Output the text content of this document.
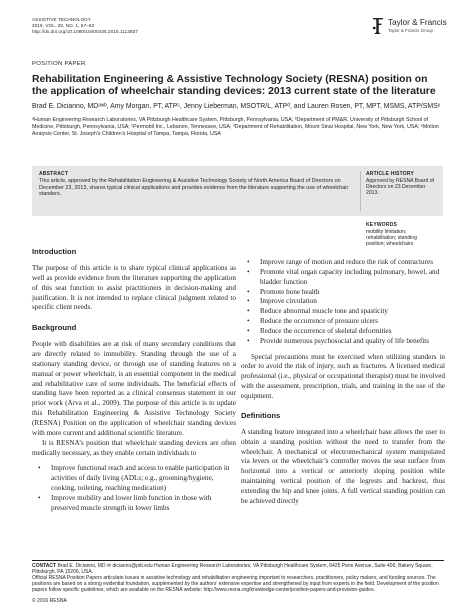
ASSISTIVE TECHNOLOGY
2016, VOL. 28, NO. 1, 57–62
http://dx.doi.org/10.1080/10400435.2015.1113837
Taylor & Francis
Taylor & Francis Group
POSITION PAPER
Rehabilitation Engineering & Assistive Technology Society (RESNA) position on the application of wheelchair standing devices: 2013 current state of the literature
Brad E. Dicianno, MDᵃʷᵇ, Amy Morgan, PT, ATPᶜ, Jenny Lieberman, MSOTR/L, ATPᵈ, and Lauren Rosen, PT, MPT, MSMS, ATP/SMSᵉ
ᵃHuman Engineering Research Laboratories, VA Pittsburgh Healthcare System, Pittsburgh, Pennsylvania, USA; ᵇDepartment of PM&R, University of Pittsburgh School of Medicine, Pittsburgh, Pennsylvania, USA; ᶜPermobil Inc., Lebanon, Tennessee, USA; ᵈDepartment of Rehabilitation, Mount Sinai Hospital, New York, New York, USA; ᵉMotion Analysis Center, St. Joseph’s Children’s Hospital of Tampa, Tampa, Florida, USA
ABSTRACT
This article, approved by the Rehabilitation Engineering & Assistive Technology Society of North America Board of Directors on December 23, 2013, shares typical clinical applications and provides evidence from the literature supporting the use of wheelchair standers.
ARTICLE HISTORY
Approved by RESNA Board of Directors on 23 December 2013.
KEYWORDS
mobility limitation;
rehabilitation; standing
position; wheelchairs
Introduction

The purpose of this article is to share typical clinical applications as well as provide evidence from the literature supporting the application of this seat function to assist practitioners in decision-making and justification. It is not intended to replace clinical judgment related to specific client needs.

Background

People with disabilities are at risk of many secondary conditions that are directly related to immobility. Standing through the use of a stationary standing device, or through use of standing features on a manual or power wheelchair, is an essential component in the medical and rehabilitative care of some individuals. The beneficial effects of standing have been reported as a clinical consensus statement in our prior work (Arva et al., 2009). The purpose of this article is to update this Rehabilitation Engineering & Assistive Technology Society (RESNA) Position on the application of wheelchair standing devices with more current and additional scientific literature.

It is RESNA’s position that wheelchair standing devices are often medically necessary, as they enable certain individuals to

• Improve functional reach and access to enable participation in activities of daily living (ADLs; e.g., grooming/hygiene, cooking, toileting, reaching medication)
• Improve mobility and lower limb function in those with preserved muscle strength in lower limbs
• Improve range of motion and reduce the risk of contractures
• Promote vital organ capacity including pulmonary, bowel, and bladder function
• Promote bone health
• Improve circulation
• Reduce abnormal muscle tone and spasticity
• Reduce the occurrence of pressure ulcers
• Reduce the occurrence of skeletal deformities
• Provide numerous psychosocial and quality of life benefits

Special precautions must be exercised when utilizing standers in order to avoid the risk of injury, such as fractures. A licensed medical professional (i.e., physical or occupational therapist) must be involved with the assessment, prescription, trials, and training in the use of the equipment.

Definitions

A standing feature integrated into a wheelchair base allows the user to obtain a standing position without the need to transfer from the wheelchair. A mechanical or electromechanical system manipulated via levers or the wheelchair’s controller moves the seat surface from horizontal into a vertical or anteriorly sloping position while maintaining vertical position of the legrests and backrest, thus extending the hip and knee joints. A full vertical standing position can be achieved directly

CONTACT Brad E. Dicianno, MD ✉ dicianno@pitt.edu Human Engineering Research Laboratories, VA Pittsburgh Healthcare System, 6425 Penn Avenue, Suite 400, Bakery Square, Pittsburgh, PA 15206, USA.
Official RESNA Position Papers articulate issues in assistive technology and rehabilitation engineering important to researchers, practitioners, policy makers, and funding sources. The positions are based on a strong evidential foundation, supplemented by the authors’ extensive expertise and strengthened by input from experts in the field. Development of the position papers follow specific guidelines, which are available on the RESNA website: http://www.resna.org/knowledge-center/position-papers-and-provision-guides.
© 2016 RESNA
